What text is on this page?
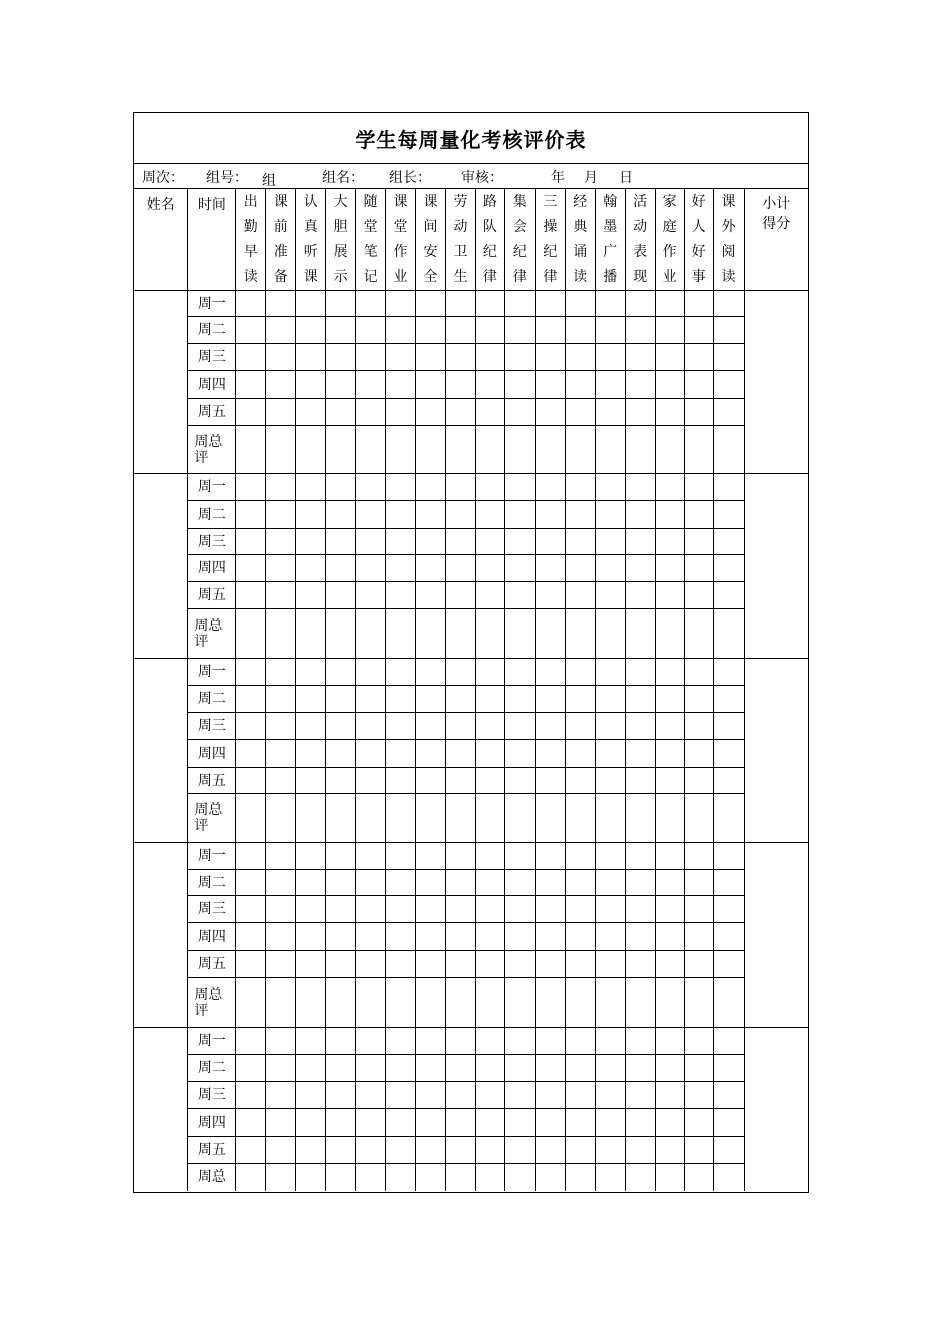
学生每周量化考核评价表
周次： 组号： 组	组名： 组长： 审核：	年 月 日
姓名	时间	出勤早读	课前准备	认真听课	大胆展示	随堂笔记	课堂作业	课间安全	劳动卫生	路队纪律	集会纪律	三操纪律	经典诵读	翰墨广播	活动表现	家庭作业	好人好事	课外阅读	小计得分
	周一																		
	周二																		
	周三																		
	周四																		
	周五																		
	周总评																		
	周一																		
	周二																		
	周三																		
	周四																		
	周五																		
	周总评																		
	周一																		
	周二																		
	周三																		
	周四																		
	周五																		
	周总评																		
	周一																		
	周二																		
	周三																		
	周四																		
	周五																		
	周总评																		
	周一																		
	周二																		
	周三																		
	周四																		
	周五																		
	周总																		
